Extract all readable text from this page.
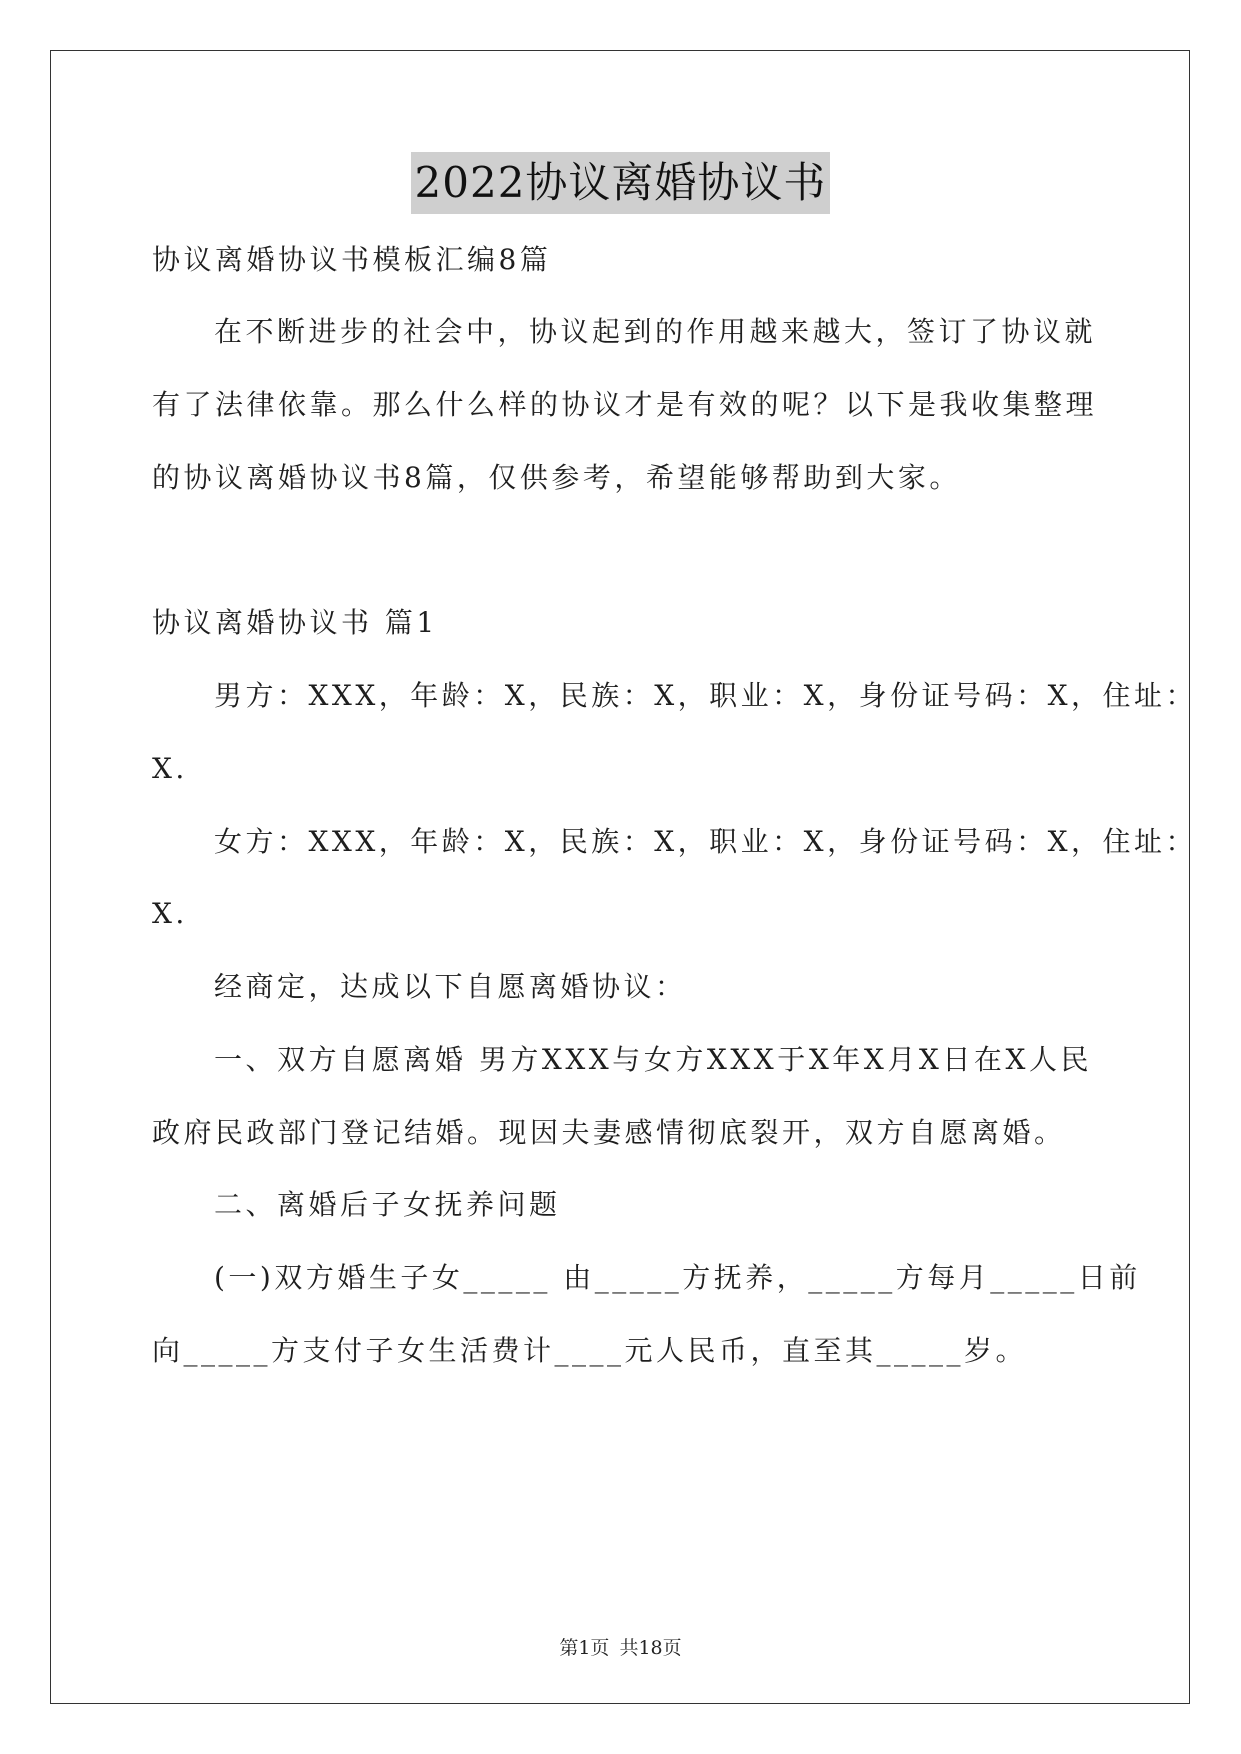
2022协议离婚协议书
协议离婚协议书模板汇编8篇
在不断进步的社会中，协议起到的作用越来越大，签订了协议就
有了法律依靠。那么什么样的协议才是有效的呢？以下是我收集整理
的协议离婚协议书8篇，仅供参考，希望能够帮助到大家。
协议离婚协议书 篇1
男方：XXX，年龄：X，民族：X，职业：X，身份证号码：X，住址：
X.
女方：XXX，年龄：X，民族：X，职业：X，身份证号码：X，住址：
X.
经商定，达成以下自愿离婚协议：
一、双方自愿离婚 男方XXX与女方XXX于X年X月X日在X人民
政府民政部门登记结婚。现因夫妻感情彻底裂开，双方自愿离婚。
二、离婚后子女抚养问题
(一)双方婚生子女_____ 由_____方抚养，_____方每月_____日前
向_____方支付子女生活费计____元人民币，直至其_____岁。
第1页 共18页
